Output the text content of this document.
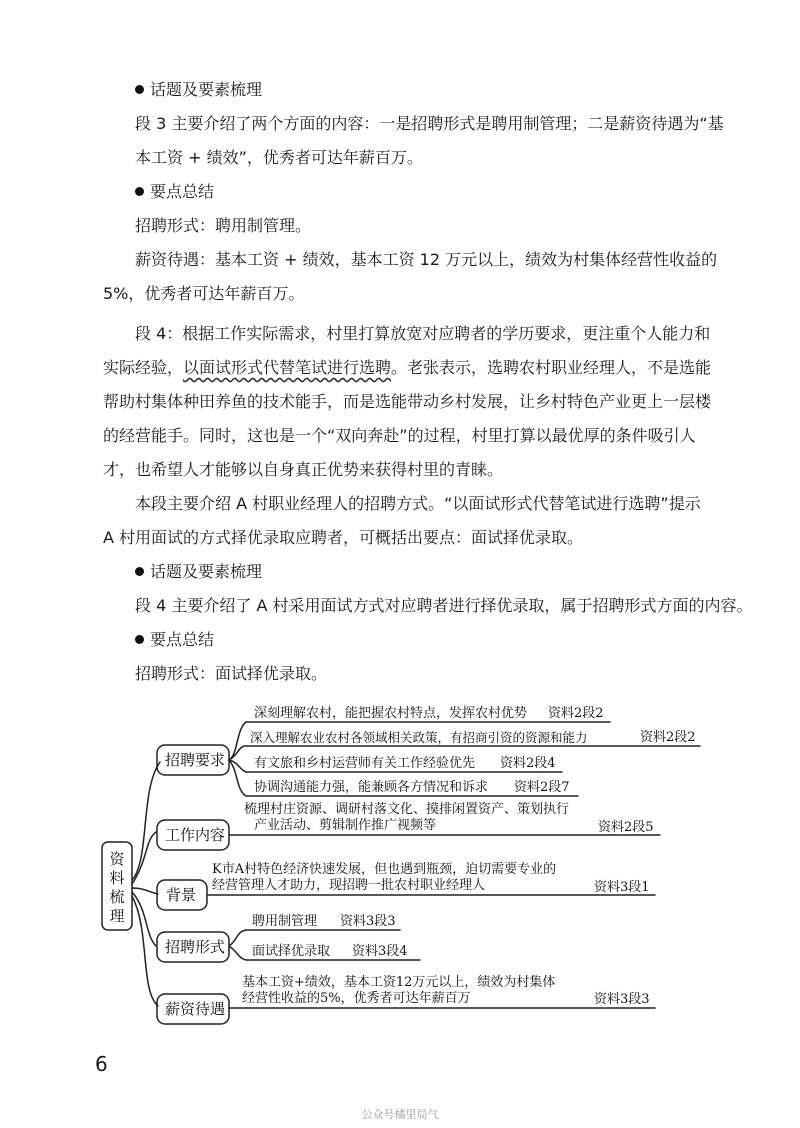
话题及要素梳理
段 3 主要介绍了两个方面的内容：一是招聘形式是聘用制管理；二是薪资待遇为“基
本工资 + 绩效”，优秀者可达年薪百万。
要点总结
招聘形式：聘用制管理。
薪资待遇：基本工资 + 绩效，基本工资 12 万元以上，绩效为村集体经营性收益的
5%，优秀者可达年薪百万。
段 4：根据工作实际需求，村里打算放宽对应聘者的学历要求，更注重个人能力和
实际经验，以面试形式代替笔试进行选聘。老张表示，选聘农村职业经理人，不是选能
帮助村集体种田养鱼的技术能手，而是选能带动乡村发展，让乡村特色产业更上一层楼
的经营能手。同时，这也是一个“双向奔赴”的过程，村里打算以最优厚的条件吸引人
才，也希望人才能够以自身真正优势来获得村里的青睐。
本段主要介绍 A 村职业经理人的招聘方式。“以面试形式代替笔试进行选聘”提示
A 村用面试的方式择优录取应聘者，可概括出要点：面试择优录取。
话题及要素梳理
段 4 主要介绍了 A 村采用面试方式对应聘者进行择优录取，属于招聘形式方面的内容。
要点总结
招聘形式：面试择优录取。
资料梳理
招聘要求
深刻理解农村，能把握农村特点，发挥农村优势 资料2段2
深入理解农业农村各领域相关政策，有招商引资的资源和能力	资料2段2
有文旅和乡村运营师有关工作经验优先 资料2段4
协调沟通能力强，能兼顾各方情况和诉求 资料2段7
工作内容
梳理村庄资源、调研村落文化、摸排闲置资产、策划执行
产业活动、剪辑制作推广视频等	资料2段5
背景
K市A村特色经济快速发展，但也遇到瓶颈，迫切需要专业的
经营管理人才助力，现招聘一批农村职业经理人	资料3段1
招聘形式
聘用制管理 资料3段3
面试择优录取 资料3段4
薪资待遇
基本工资+绩效，基本工资12万元以上，绩效为村集体
经营性收益的5%，优秀者可达年薪百万	资料3段3
6
公众号橘里局气
